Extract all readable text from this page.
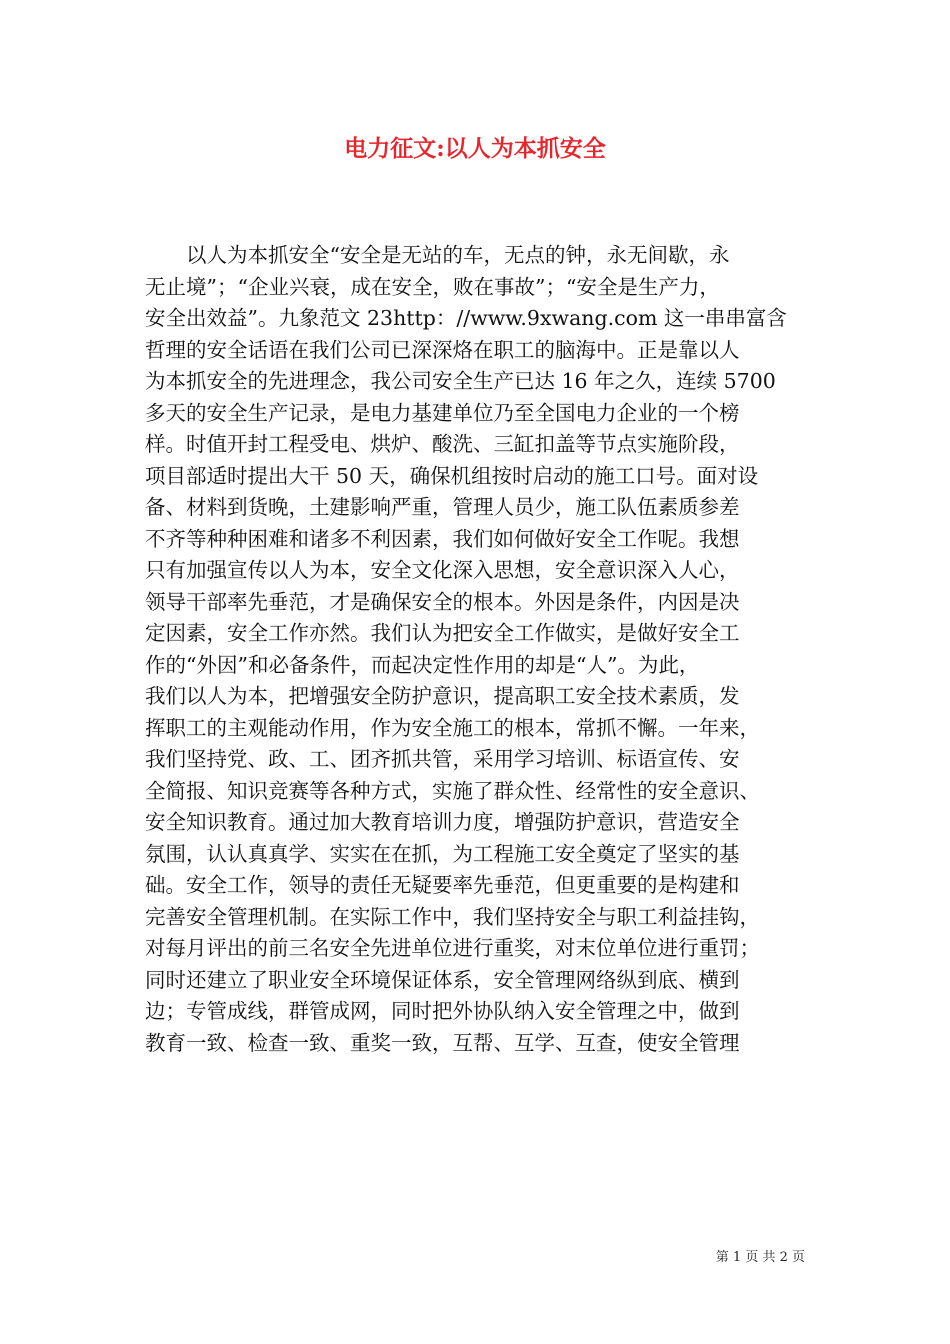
电力征文:以人为本抓安全
以人为本抓安全“安全是无站的车，无点的钟，永无间歇，永
无止境”；“企业兴衰，成在安全，败在事故”；“安全是生产力，
安全出效益”。九象范文 23http：//www.9xwang.com 这一串串富含
哲理的安全话语在我们公司已深深烙在职工的脑海中。正是靠以人
为本抓安全的先进理念，我公司安全生产已达 16 年之久，连续 5700
多天的安全生产记录，是电力基建单位乃至全国电力企业的一个榜
样。时值开封工程受电、烘炉、酸洗、三缸扣盖等节点实施阶段，
项目部适时提出大干 50 天，确保机组按时启动的施工口号。面对设
备、材料到货晚，土建影响严重，管理人员少，施工队伍素质参差
不齐等种种困难和诸多不利因素，我们如何做好安全工作呢。我想
只有加强宣传以人为本，安全文化深入思想，安全意识深入人心，
领导干部率先垂范，才是确保安全的根本。外因是条件，内因是决
定因素，安全工作亦然。我们认为把安全工作做实，是做好安全工
作的“外因”和必备条件，而起决定性作用的却是“人”。为此，
我们以人为本，把增强安全防护意识，提高职工安全技术素质，发
挥职工的主观能动作用，作为安全施工的根本，常抓不懈。一年来，
我们坚持党、政、工、团齐抓共管，采用学习培训、标语宣传、安
全简报、知识竞赛等各种方式，实施了群众性、经常性的安全意识、
安全知识教育。通过加大教育培训力度，增强防护意识，营造安全
氛围，认认真真学、实实在在抓，为工程施工安全奠定了坚实的基
础。安全工作，领导的责任无疑要率先垂范，但更重要的是构建和
完善安全管理机制。在实际工作中，我们坚持安全与职工利益挂钩，
对每月评出的前三名安全先进单位进行重奖，对末位单位进行重罚；
同时还建立了职业安全环境保证体系，安全管理网络纵到底、横到
边；专管成线，群管成网，同时把外协队纳入安全管理之中，做到
教育一致、检查一致、重奖一致，互帮、互学、互查，使安全管理
第 1 页 共 2 页
